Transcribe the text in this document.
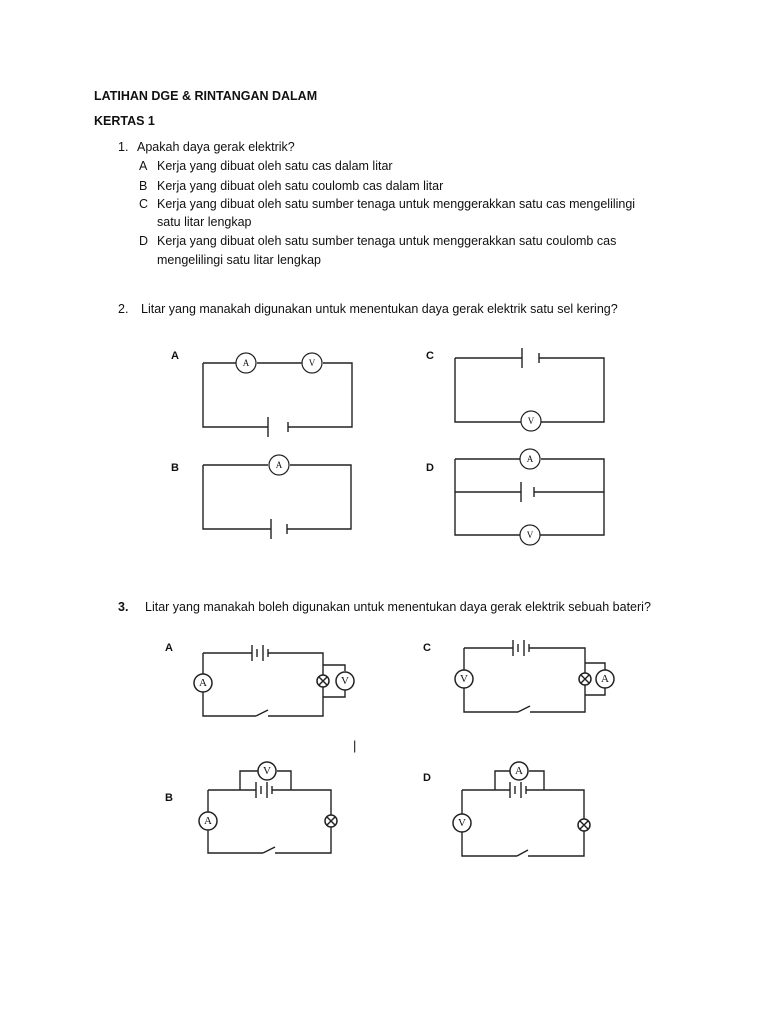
LATIHAN DGE & RINTANGAN DALAM
KERTAS 1
1. Apakah daya gerak elektrik?
A Kerja yang dibuat oleh satu cas dalam litar
B Kerja yang dibuat oleh satu coulomb cas dalam litar
C Kerja yang dibuat oleh satu sumber tenaga untuk menggerakkan satu cas mengelilingi
satu litar lengkap
D Kerja yang dibuat oleh satu sumber tenaga untuk menggerakkan satu coulomb cas
mengelilingi satu litar lengkap
2. Litar yang manakah digunakan untuk menentukan daya gerak elektrik satu sel kering?
A
B
C
D
A	V
A
V
A
V
3. Litar yang manakah boleh digunakan untuk menentukan daya gerak elektrik sebuah bateri?
A
B
C
D
|
A	V	V	A
V
A
A
V
